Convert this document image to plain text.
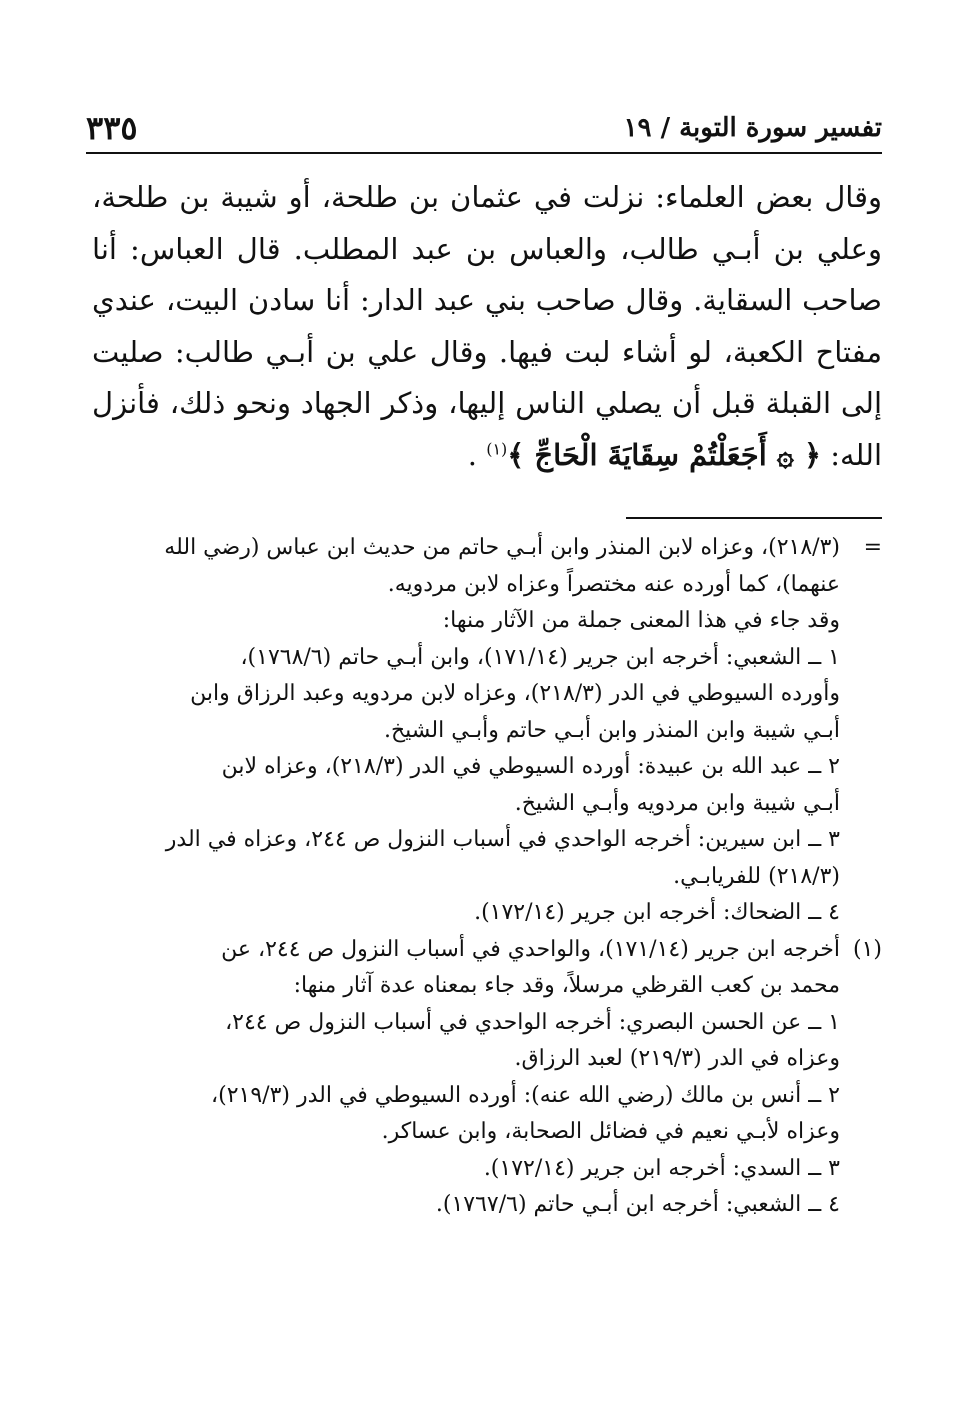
تفسير سورة التوبة / ١٩
٣٣٥

وقال بعض العلماء: نزلت في عثمان بن طلحة، أو شيبة بن طلحة، وعلي بن أبـي طالب، والعباس بن عبد المطلب. قال العباس: أنا صاحب السقاية. وقال صاحب بني عبد الدار: أنا سادن البيت، عندي مفتاح الكعبة، لو أشاء لبت فيها. وقال علي بن أبـي طالب: صليت إلى القبلة قبل أن يصلي الناس إليها، وذكر الجهاد ونحو ذلك، فأنزل الله: ﴿ ۞ أَجَعَلْتُمْ سِقَايَةَ الْحَاجِّ ﴾$^{(١)}$ .

=
(٢١٨/٣)، وعزاه لابن المنذر وابن أبـي حاتم من حديث ابن عباس (رضي الله
عنهما)، كما أورده عنه مختصراً وعزاه لابن مردويه.
وقد جاء في هذا المعنى جملة من الآثار منها:
١ ــ الشعبي: أخرجه ابن جرير (١٧١/١٤)، وابن أبـي حاتم (١٧٦٨/٦)،
وأورده السيوطي في الدر (٢١٨/٣)، وعزاه لابن مردويه وعبد الرزاق وابن
أبـي شيبة وابن المنذر وابن أبـي حاتم وأبـي الشيخ.
٢ ــ عبد الله بن عبيدة: أورده السيوطي في الدر (٢١٨/٣)، وعزاه لابن
أبـي شيبة وابن مردويه وأبـي الشيخ.
٣ ــ ابن سيرين: أخرجه الواحدي في أسباب النزول ص ٢٤٤، وعزاه في الدر
(٢١٨/٣) للفريابـي.
٤ ــ الضحاك: أخرجه ابن جرير (١٧٢/١٤).
(١)
أخرجه ابن جرير (١٧١/١٤)، والواحدي في أسباب النزول ص ٢٤٤، عن
محمد بن كعب القرظي مرسلاً، وقد جاء بمعناه عدة آثار منها:
١ ــ عن الحسن البصري: أخرجه الواحدي في أسباب النزول ص ٢٤٤،
وعزاه في الدر (٢١٩/٣) لعبد الرزاق.
٢ ــ أنس بن مالك (رضي الله عنه): أورده السيوطي في الدر (٢١٩/٣)،
وعزاه لأبـي نعيم في فضائل الصحابة، وابن عساكر.
٣ ــ السدي: أخرجه ابن جرير (١٧٢/١٤).
٤ ــ الشعبي: أخرجه ابن أبـي حاتم (١٧٦٧/٦).
